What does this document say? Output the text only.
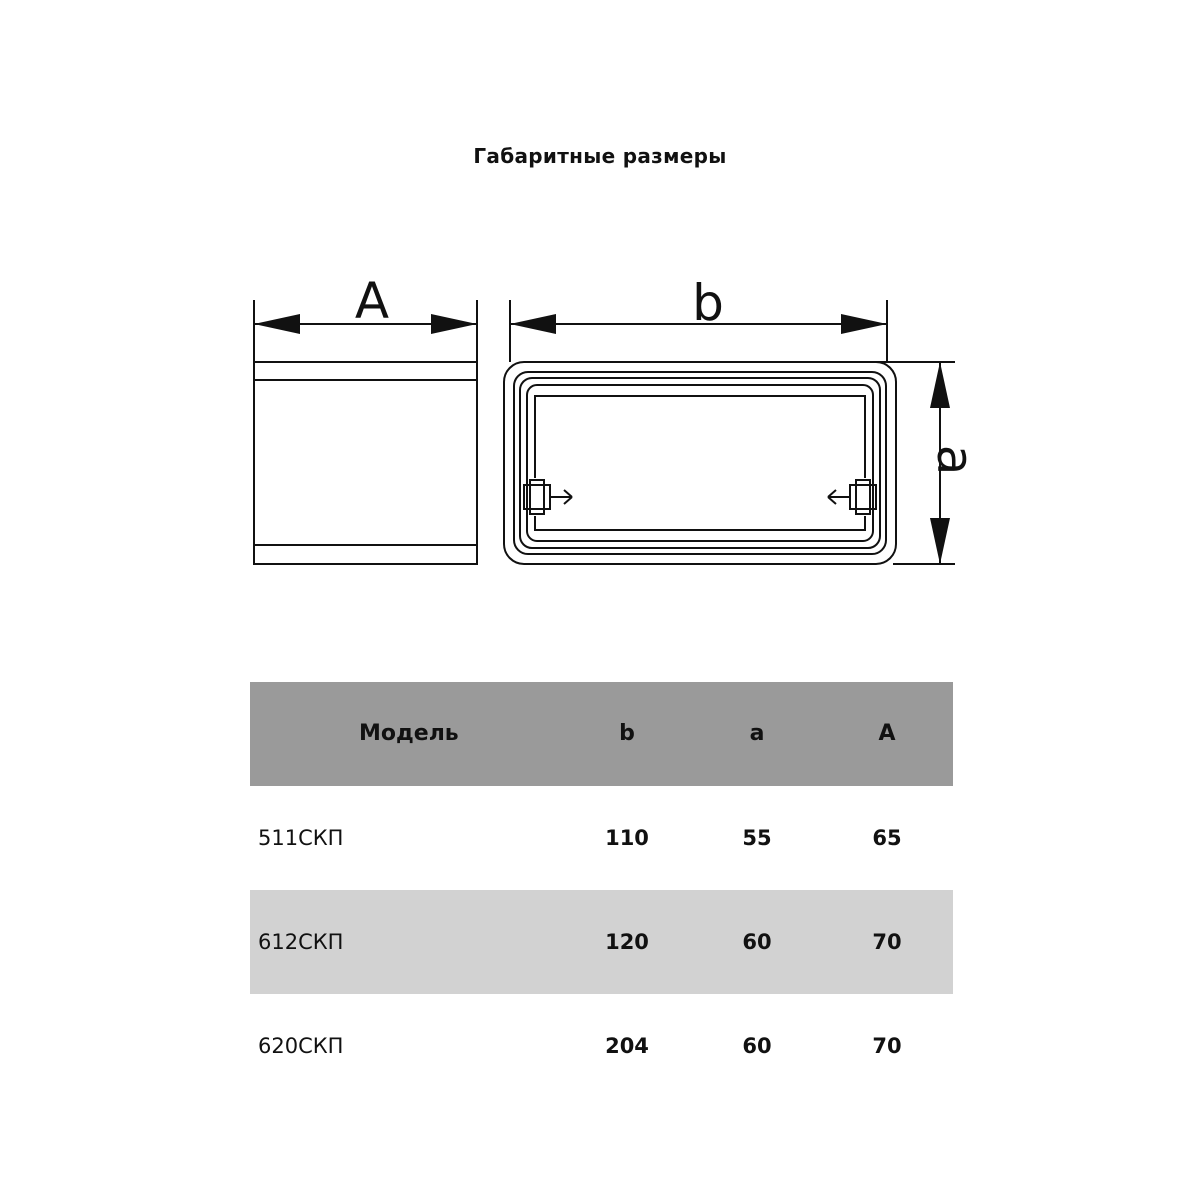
Габаритные размеры
A	b
a
Модель	b	a	A
511СКП	110	55	65
612СКП	120	60	70
620СКП	204	60	70
